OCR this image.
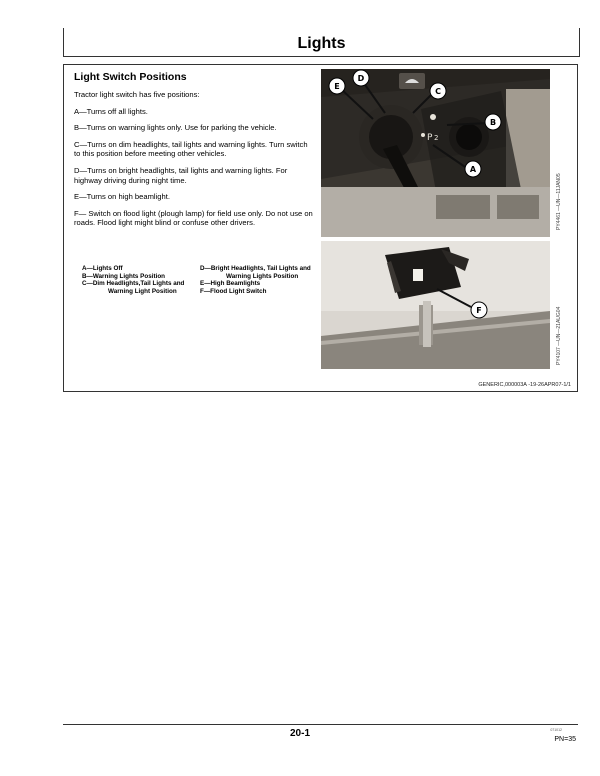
Lights
Light Switch Positions

Tractor light switch has five positions:

A—Turns off all lights.

B—Turns on warning lights only. Use for parking the vehicle.

C—Turns on dim headlights, tail lights and warning lights. Turn switch to this position before meeting other vehicles.

D—Turns on bright headlights, tail lights and warning lights. For highway driving during night time.

E—Turns on high beamlight.

F— Switch on flood light (plough lamp) for field use only. Do not use on roads. Flood light might blind or confuse other drivers.

A—Lights Off
B—Warning Lights Position
C—Dim Headlights,Tail Lights and Warning Light Position
D—Bright Headlights, Tail Lights and Warning Lights Position
E—High Beamlights
F—Flood Light Switch
P 2
E
D
C
B
A
F
PY4461 —UN—11JAN05
PY4107 —UN—21AUG04
GENERIC,000003A -19-26APR07-1/1
20-1	071012
PN=35
